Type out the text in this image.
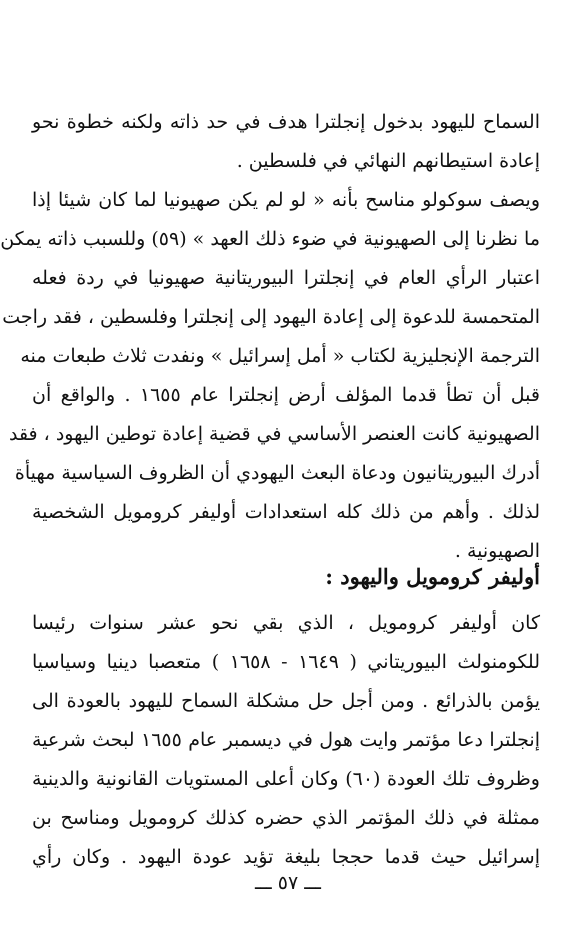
السماح لليهود بدخول إنجلترا هدف في حد ذاته ولكنه خطوة نحو
إعادة استيطانهم النهائي في فلسطين .
ويصف سوكولو مناسح بأنه « لو لم يكن صهيونيا لما كان شيئا إذا
ما نظرنا إلى الصهيونية في ضوء ذلك العهد » (٥٩) وللسبب ذاته يمكن
اعتبار الرأي العام في إنجلترا البيوريتانية صهيونيا في ردة فعله
المتحمسة للدعوة إلى إعادة اليهود إلى إنجلترا وفلسطين ، فقد راجت
الترجمة الإنجليزية لكتاب « أمل إسرائيل » ونفدت ثلاث طبعات منه
قبل أن تطأ قدما المؤلف أرض إنجلترا عام ١٦٥٥ . والواقع أن
الصهيونية كانت العنصر الأساسي في قضية إعادة توطين اليهود ، فقد
أدرك البيوريتانيون ودعاة البعث اليهودي أن الظروف السياسية مهيأة
لذلك . وأهم من ذلك كله استعدادات أوليفر كرومويل الشخصية
الصهيونية .
أوليفر كرومويل واليهود :
كان أوليفر كرومويل ، الذي بقي نحو عشر سنوات رئيسا
للكومنولث البيوريتاني ( ١٦٤٩ - ١٦٥٨ ) متعصبا دينيا وسياسيا
يؤمن بالذرائع . ومن أجل حل مشكلة السماح لليهود بالعودة الى
إنجلترا دعا مؤتمر وايت هول في ديسمبر عام ١٦٥٥ لبحث شرعية
وظروف تلك العودة (٦٠) وكان أعلى المستويات القانونية والدينية
ممثلة في ذلك المؤتمر الذي حضره كذلك كرومويل ومناسح بن
إسرائيل حيث قدما حججا بليغة تؤيد عودة اليهود . وكان رأي
ـــ ٥٧ ـــ
